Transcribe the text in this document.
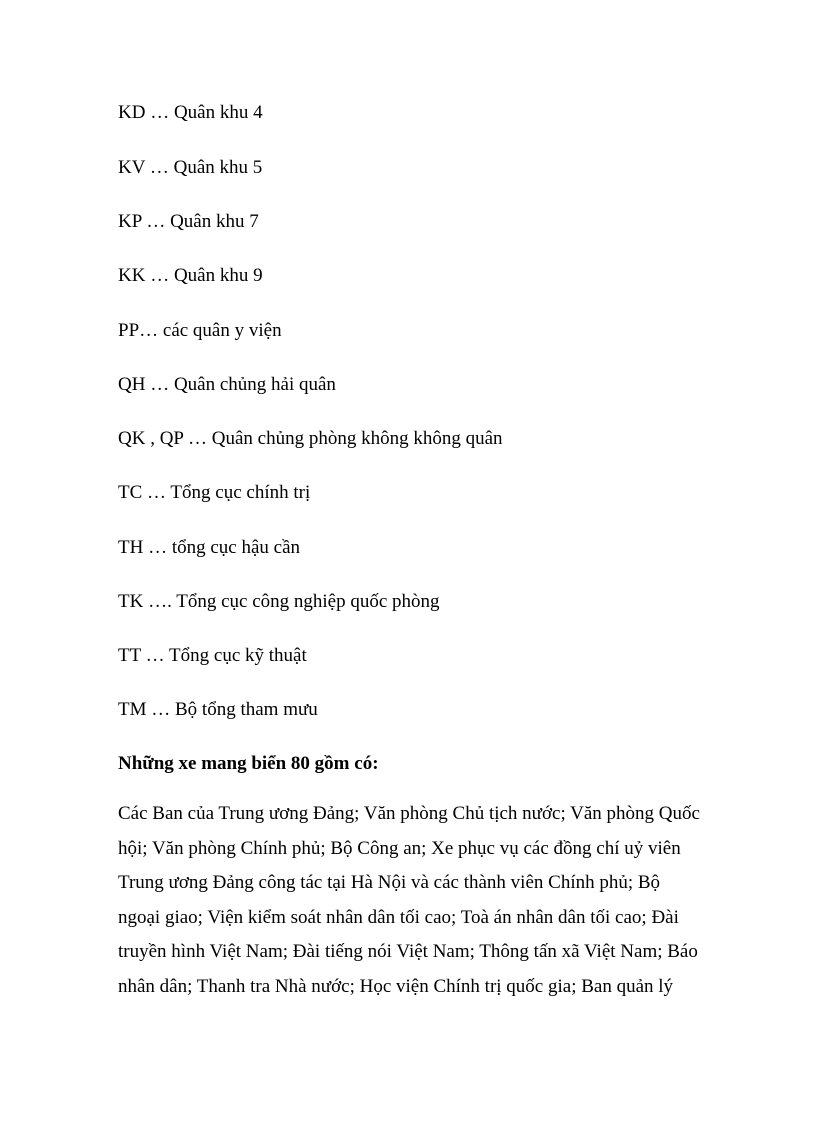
KD … Quân khu 4
KV … Quân khu 5
KP … Quân khu 7
KK … Quân khu 9
PP… các quân y viện
QH … Quân chủng hải quân
QK , QP … Quân chủng phòng không không quân
TC … Tổng cục chính trị
TH … tổng cục hậu cần
TK …. Tổng cục công nghiệp quốc phòng
TT … Tổng cục kỹ thuật
TM … Bộ tổng tham mưu
Những xe mang biển 80 gồm có:
Các Ban của Trung ương Đảng; Văn phòng Chủ tịch nước; Văn phòng Quốc
hội; Văn phòng Chính phủ; Bộ Công an; Xe phục vụ các đồng chí uỷ viên
Trung ương Đảng công tác tại Hà Nội và các thành viên Chính phủ; Bộ
ngoại giao; Viện kiểm soát nhân dân tối cao; Toà án nhân dân tối cao; Đài
truyền hình Việt Nam; Đài tiếng nói Việt Nam; Thông tấn xã Việt Nam; Báo
nhân dân; Thanh tra Nhà nước; Học viện Chính trị quốc gia; Ban quản lý
